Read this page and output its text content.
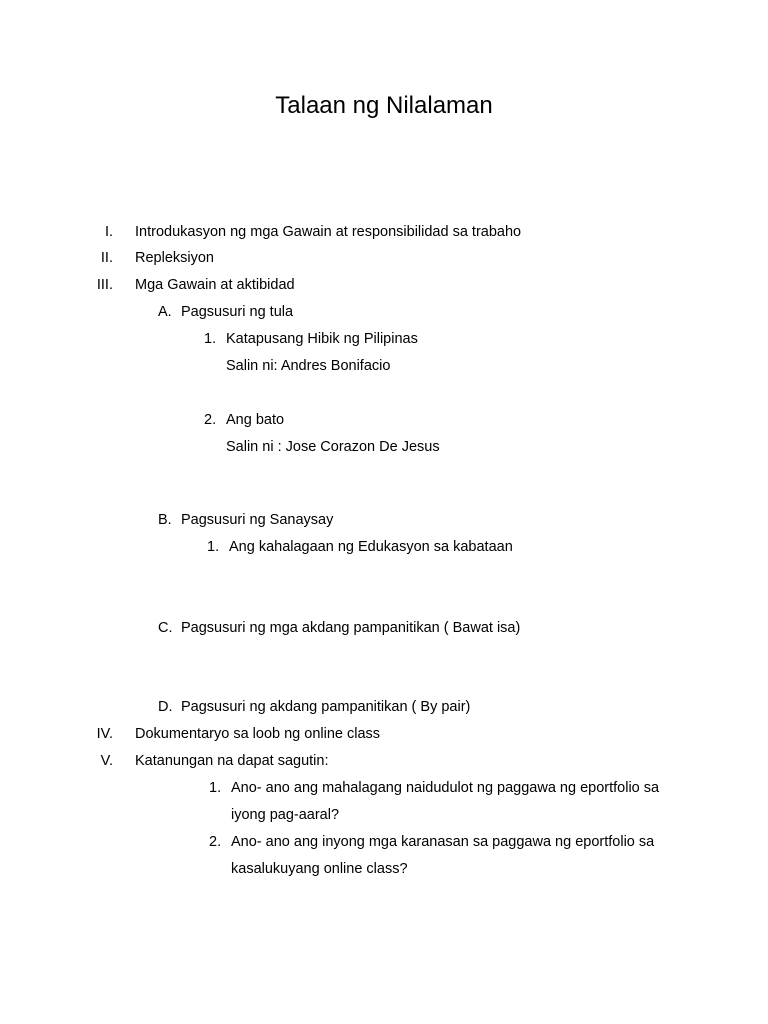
Talaan ng Nilalaman
I. Introdukasyon ng mga Gawain at responsibilidad sa trabaho
II. Repleksiyon
III. Mga Gawain at aktibidad
A. Pagsusuri ng tula
1. Katapusang Hibik ng Pilipinas
Salin ni: Andres Bonifacio
2. Ang bato
Salin ni : Jose Corazon De Jesus
B. Pagsusuri ng Sanaysay
1. Ang kahalagaan ng Edukasyon sa kabataan
C. Pagsusuri ng mga akdang pampanitikan ( Bawat isa)
D. Pagsusuri ng akdang pampanitikan ( By pair)
IV. Dokumentaryo sa loob ng online class
V. Katanungan na dapat sagutin:
1. Ano- ano ang mahalagang naidudulot ng paggawa ng eportfolio sa
iyong pag-aaral?
2. Ano- ano ang inyong mga karanasan sa paggawa ng eportfolio sa
kasalukuyang online class?
